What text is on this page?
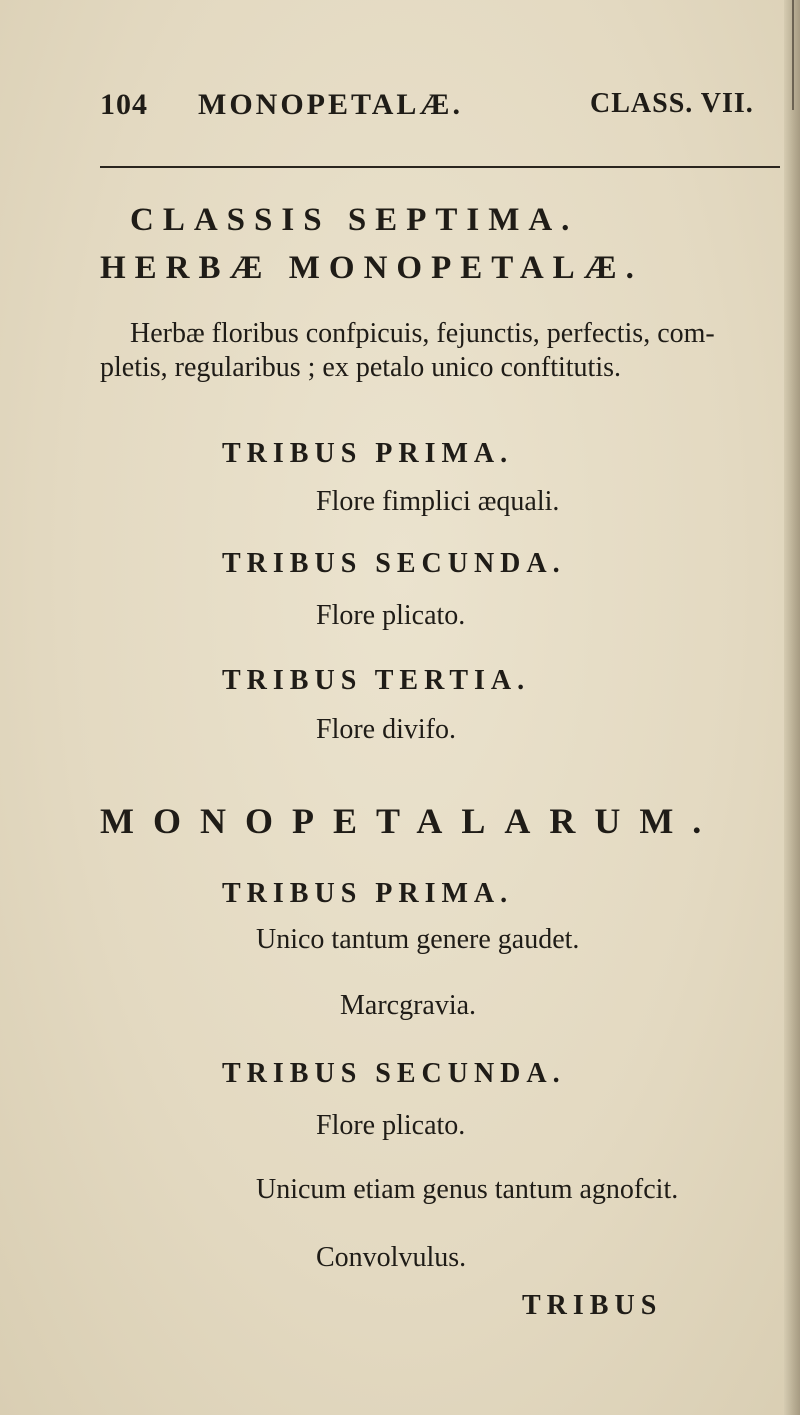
104 MONOPETALÆ.	CLASS. VII.
CLASSIS SEPTIMA.
HERBÆ MONOPETALÆ.
Herbæ floribus confpicuis, fejunctis, perfectis, com-
pletis, regularibus ; ex petalo unico conftitutis.
TRIBUS PRIMA.
Flore fimplici æquali.
TRIBUS SECUNDA.
Flore plicato.
TRIBUS TERTIA.
Flore divifo.
MONOPETALARUM.
TRIBUS PRIMA.
Unico tantum genere gaudet.
Marcgravia.
TRIBUS SECUNDA.
Flore plicato.
Unicum etiam genus tantum agnofcit.
Convolvulus.
TRIBUS
